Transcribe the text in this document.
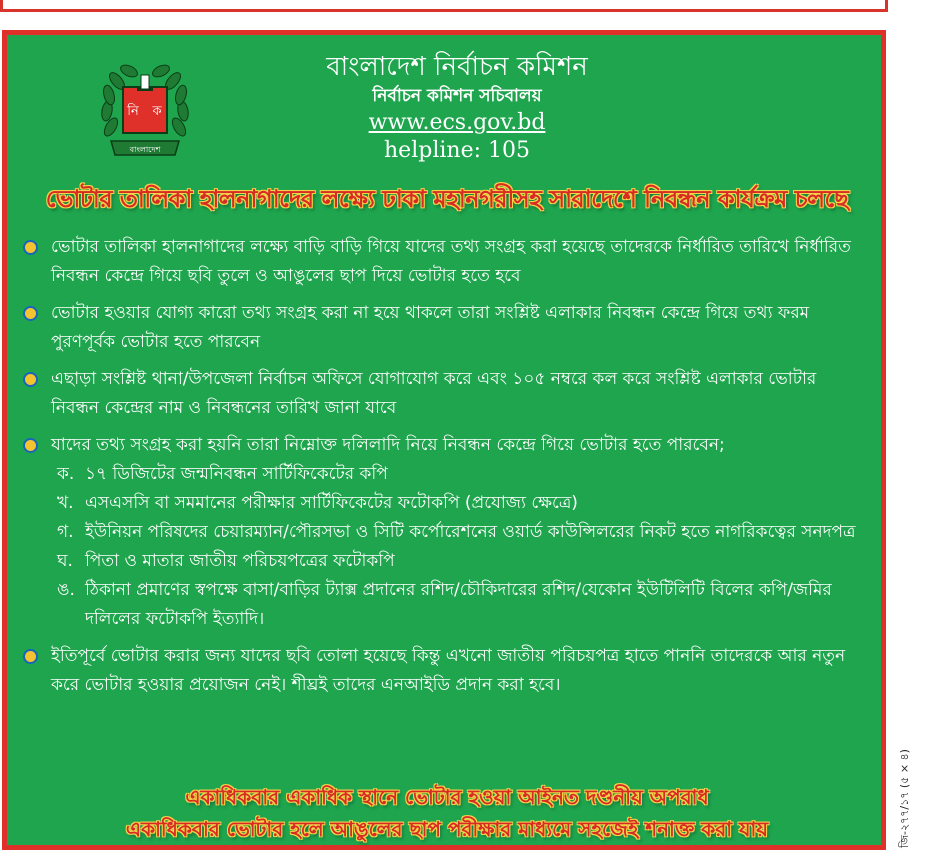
নি ক
বাংলাদেশ
বাংলাদেশ নির্বাচন কমিশন
নির্বাচন কমিশন সচিবালয়
www.ecs.gov.bd
helpline: 105
ভোটার তালিকা হালনাগাদের লক্ষ্যে ঢাকা মহানগরীসহ সারাদেশে নিবন্ধন কার্যক্রম চলছে
ভোটার তালিকা হালনাগাদের লক্ষ্যে বাড়ি বাড়ি গিয়ে যাদের তথ্য সংগ্রহ করা হয়েছে তাদেরকে নির্ধারিত তারিখে নির্ধারিত নিবন্ধন কেন্দ্রে গিয়ে ছবি তুলে ও আঙুলের ছাপ দিয়ে ভোটার হতে হবে
ভোটার হওয়ার যোগ্য কারো তথ্য সংগ্রহ করা না হয়ে থাকলে তারা সংশ্লিষ্ট এলাকার নিবন্ধন কেন্দ্রে গিয়ে তথ্য ফরম পুরণপূর্বক ভোটার হতে পারবেন
এছাড়া সংশ্লিষ্ট থানা/উপজেলা নির্বাচন অফিসে যোগাযোগ করে এবং ১০৫ নম্বরে কল করে সংশ্লিষ্ট এলাকার ভোটার নিবন্ধন কেন্দ্রের নাম ও নিবন্ধনের তারিখ জানা যাবে
যাদের তথ্য সংগ্রহ করা হয়নি তারা নিম্নোক্ত দলিলাদি নিয়ে নিবন্ধন কেন্দ্রে গিয়ে ভোটার হতে পারবেন;
ক. ১৭ ডিজিটের জন্মনিবন্ধন সার্টিফিকেটের কপি
খ. এসএসসি বা সমমানের পরীক্ষার সার্টিফিকেটের ফটোকপি (প্রযোজ্য ক্ষেত্রে)
গ. ইউনিয়ন পরিষদের চেয়ারম্যান/পৌরসভা ও সিটি কর্পোরেশনের ওয়ার্ড কাউন্সিলরের নিকট হতে নাগরিকত্বের সনদপত্র
ঘ. পিতা ও মাতার জাতীয় পরিচয়পত্রের ফটোকপি
ঙ. ঠিকানা প্রমাণের স্বপক্ষে বাসা/বাড়ির ট্যাক্স প্রদানের রশিদ/চৌকিদারের রশিদ/যেকোন ইউটিলিটি বিলের কপি/জমির দলিলের ফটোকপি ইত্যাদি।
ইতিপূর্বে ভোটার করার জন্য যাদের ছবি তোলা হয়েছে কিন্তু এখনো জাতীয় পরিচয়পত্র হাতে পাননি তাদেরকে আর নতুন করে ভোটার হওয়ার প্রয়োজন নেই। শীঘ্রই তাদের এনআইডি প্রদান করা হবে।
একাধিকবার একাধিক স্থানে ভোটার হওয়া আইনত দণ্ডনীয় অপরাধ
একাধিকবার ভোটার হলে আঙুলের ছাপ পরীক্ষার মাধ্যমে সহজেই শনাক্ত করা যায়	জি-২৭৭/১৭ (৫ × ৪)
